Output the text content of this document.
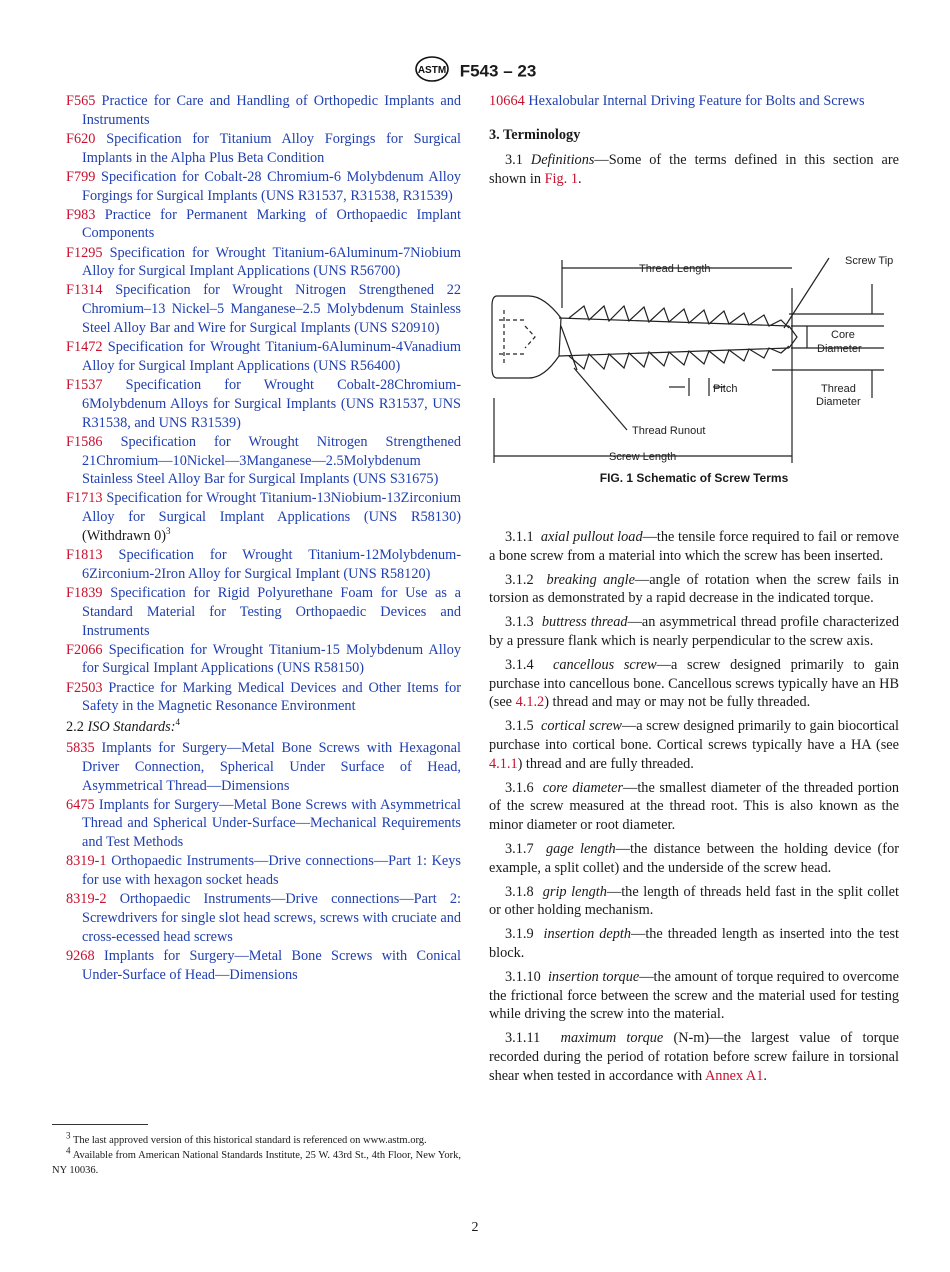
ASTM F543 – 23

F565 Practice for Care and Handling of Orthopedic Implants and Instruments

F620 Specification for Titanium Alloy Forgings for Surgical Implants in the Alpha Plus Beta Condition

F799 Specification for Cobalt-28 Chromium-6 Molybdenum Alloy Forgings for Surgical Implants (UNS R31537, R31538, R31539)

F983 Practice for Permanent Marking of Orthopaedic Implant Components

F1295 Specification for Wrought Titanium-6Aluminum-7Niobium Alloy for Surgical Implant Applications (UNS R56700)

F1314 Specification for Wrought Nitrogen Strengthened 22 Chromium–13 Nickel–5 Manganese–2.5 Molybdenum Stainless Steel Alloy Bar and Wire for Surgical Implants (UNS S20910)

F1472 Specification for Wrought Titanium-6Aluminum-4Vanadium Alloy for Surgical Implant Applications (UNS R56400)

F1537 Specification for Wrought Cobalt-28Chromium-6Molybdenum Alloys for Surgical Implants (UNS R31537, UNS R31538, and UNS R31539)

F1586 Specification for Wrought Nitrogen Strengthened 21Chromium—10Nickel—3Manganese—2.5Molybdenum Stainless Steel Alloy Bar for Surgical Implants (UNS S31675)

F1713 Specification for Wrought Titanium-13Niobium-13Zirconium Alloy for Surgical Implant Applications (UNS R58130) (Withdrawn 0)$^3$

F1813 Specification for Wrought Titanium-12Molybdenum-6Zirconium-2Iron Alloy for Surgical Implant (UNS R58120)

F1839 Specification for Rigid Polyurethane Foam for Use as a Standard Material for Testing Orthopaedic Devices and Instruments

F2066 Specification for Wrought Titanium-15 Molybdenum Alloy for Surgical Implant Applications (UNS R58150)

F2503 Practice for Marking Medical Devices and Other Items for Safety in the Magnetic Resonance Environment

2.2 ISO Standards:$^4$

5835 Implants for Surgery—Metal Bone Screws with Hexagonal Driver Connection, Spherical Under Surface of Head, Asymmetrical Thread—Dimensions

6475 Implants for Surgery—Metal Bone Screws with Asymmetrical Thread and Spherical Under-Surface—Mechanical Requirements and Test Methods

8319-1 Orthopaedic Instruments—Drive connections—Part 1: Keys for use with hexagon socket heads

8319-2 Orthopaedic Instruments—Drive connections—Part 2: Screwdrivers for single slot head screws, screws with cruciate and cross-ecessed head screws

9268 Implants for Surgery—Metal Bone Screws with Conical Under-Surface of Head—Dimensions

10664 Hexalobular Internal Driving Feature for Bolts and Screws

3. Terminology

3.1 Definitions—Some of the terms defined in this section are shown in Fig. 1.

Thread Length
Screw Tip
Core
Diameter
Pitch	Thread
Diameter
Thread Runout
Screw Length
FIG. 1 Schematic of Screw Terms

3.1.1 axial pullout load—the tensile force required to fail or remove a bone screw from a material into which the screw has been inserted.

3.1.2 breaking angle—angle of rotation when the screw fails in torsion as demonstrated by a rapid decrease in the indicated torque.

3.1.3 buttress thread—an asymmetrical thread profile characterized by a pressure flank which is nearly perpendicular to the screw axis.

3.1.4 cancellous screw—a screw designed primarily to gain purchase into cancellous bone. Cancellous screws typically have an HB (see 4.1.2) thread and may or may not be fully threaded.

3.1.5 cortical screw—a screw designed primarily to gain biocortical purchase into cortical bone. Cortical screws typically have a HA (see 4.1.1) thread and are fully threaded.

3.1.6 core diameter—the smallest diameter of the threaded portion of the screw measured at the thread root. This is also known as the minor diameter or root diameter.

3.1.7 gage length—the distance between the holding device (for example, a split collet) and the underside of the screw head.

3.1.8 grip length—the length of threads held fast in the split collet or other holding mechanism.

3.1.9 insertion depth—the threaded length as inserted into the test block.

3.1.10 insertion torque—the amount of torque required to overcome the frictional force between the screw and the material used for testing while driving the screw into the material.

3.1.11 maximum torque (N-m)—the largest value of torque recorded during the period of rotation before screw failure in torsional shear when tested in accordance with Annex A1.

$^3$ The last approved version of this historical standard is referenced on www.astm.org.

$^4$ Available from American National Standards Institute, 25 W. 43rd St., 4th Floor, New York, NY 10036.

2
